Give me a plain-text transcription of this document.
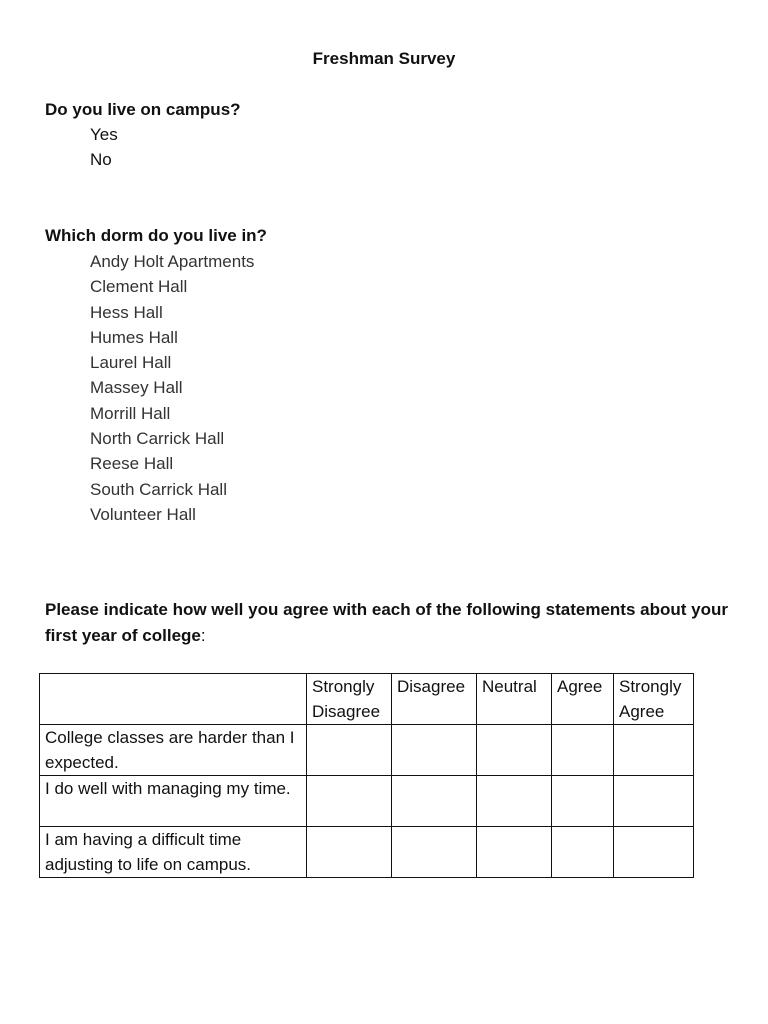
Freshman Survey
Do you live on campus?
Yes
No
Which dorm do you live in?
Andy Holt Apartments
Clement Hall
Hess Hall
Humes Hall
Laurel Hall
Massey Hall
Morrill Hall
North Carrick Hall
Reese Hall
South Carrick Hall
Volunteer Hall
Please indicate how well you agree with each of the following statements about your first year of college:
	Strongly Disagree	Disagree	Neutral	Agree	Strongly Agree
College classes are harder than I expected.					
I do well with managing my time.					
I am having a difficult time adjusting to life on campus.					
